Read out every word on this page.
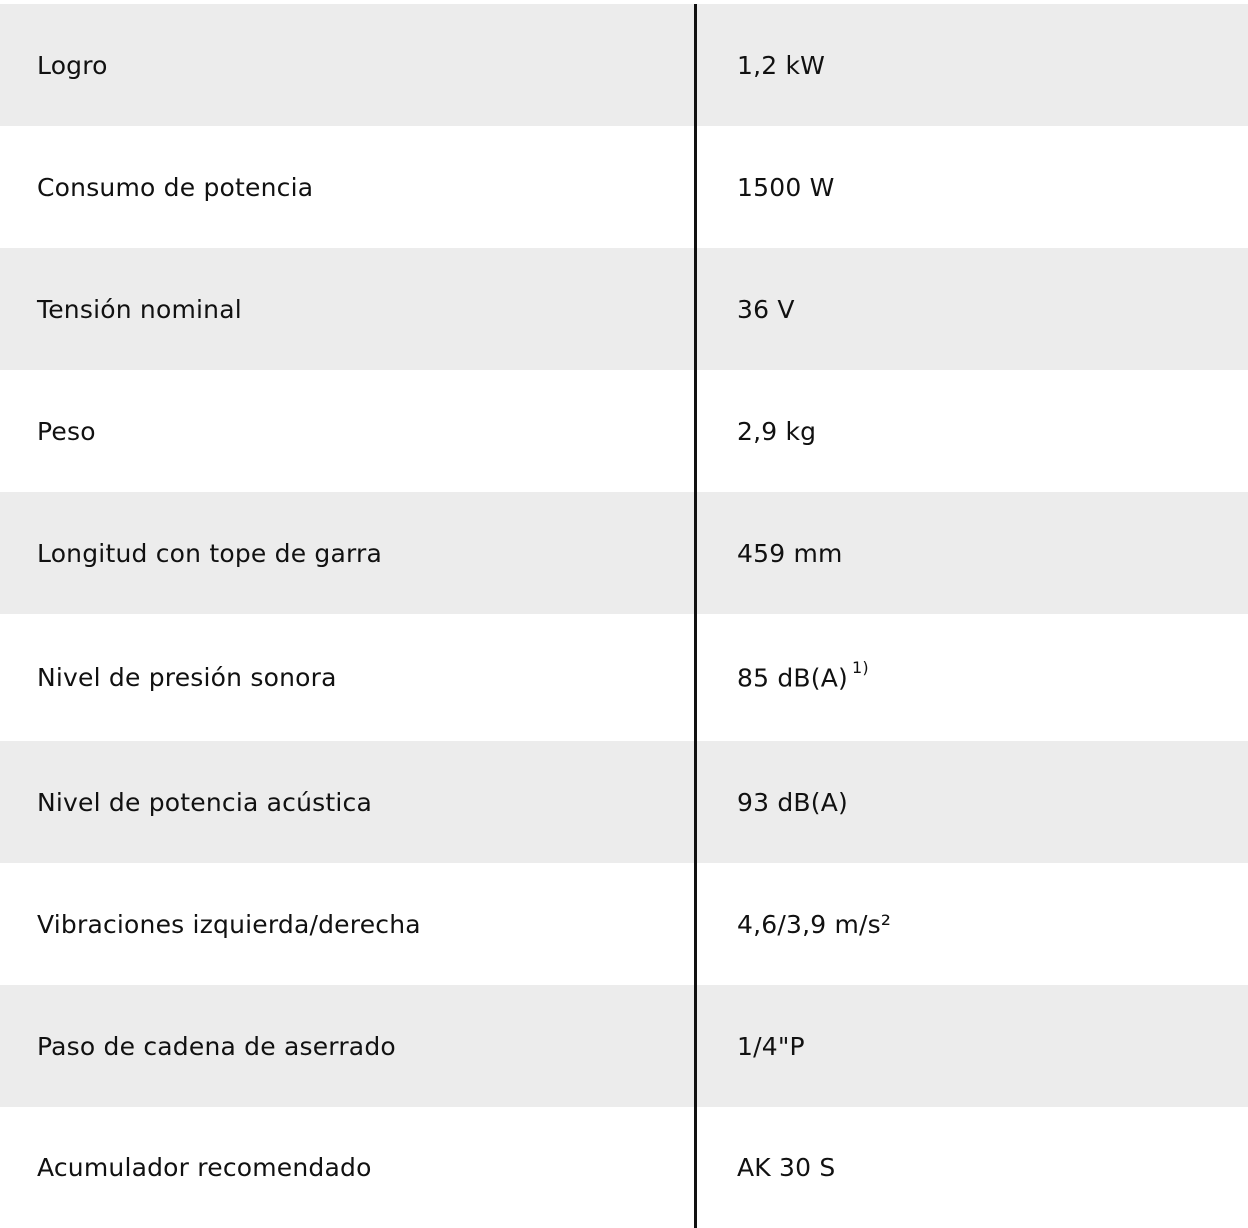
Logro	1,2 kW
Consumo de potencia	1500 W
Tensión nominal	36 V
Peso	2,9 kg
Longitud con tope de garra	459 mm
Nivel de presión sonora	85 dB(A) $^{1)}$
Nivel de potencia acústica	93 dB(A)
Vibraciones izquierda/derecha	4,6/3,9 m/s²
Paso de cadena de aserrado	1/4"P
Acumulador recomendado	AK 30 S
